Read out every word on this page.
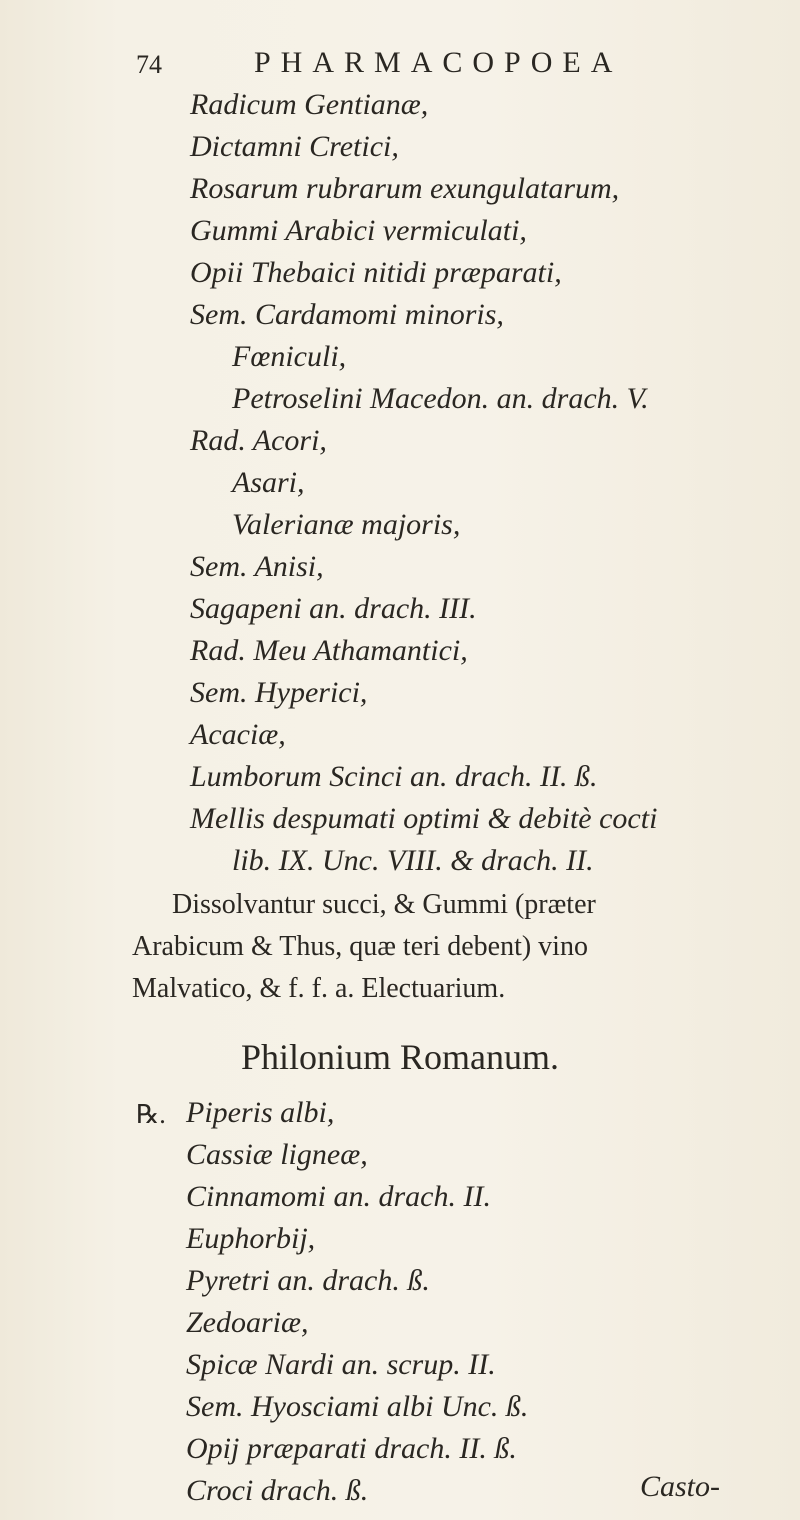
74	PHARMACOPOEA
Radicum Gentianæ,
Dictamni Cretici,
Rosarum rubrarum exungulatarum,
Gummi Arabici vermiculati,
Opii Thebaici nitidi præparati,
Sem. Cardamomi minoris,
Fœniculi,
Petroselini Macedon. an. drach. V.
Rad. Acori,
Asari,
Valerianæ majoris,
Sem. Anisi,
Sagapeni an. drach. III.
Rad. Meu Athamantici,
Sem. Hyperici,
Acaciæ,
Lumborum Scinci an. drach. II. ß.
Mellis despumati optimi & debitè cocti
lib. IX. Unc. VIII. & drach. II.
Dissolvantur succi, & Gummi (præter
Arabicum & Thus, quæ teri debent) vino
Malvatico, & f. f. a. Electuarium.
Philonium Romanum.
℞. Piperis albi,
Cassiæ ligneæ,
Cinnamomi an. drach. II.
Euphorbij,
Pyretri an. drach. ß.
Zedoariæ,
Spicæ Nardi an. scrup. II.
Sem. Hyosciami albi Unc. ß.
Opij præparati drach. II. ß.
Croci drach. ß.	Casto-
